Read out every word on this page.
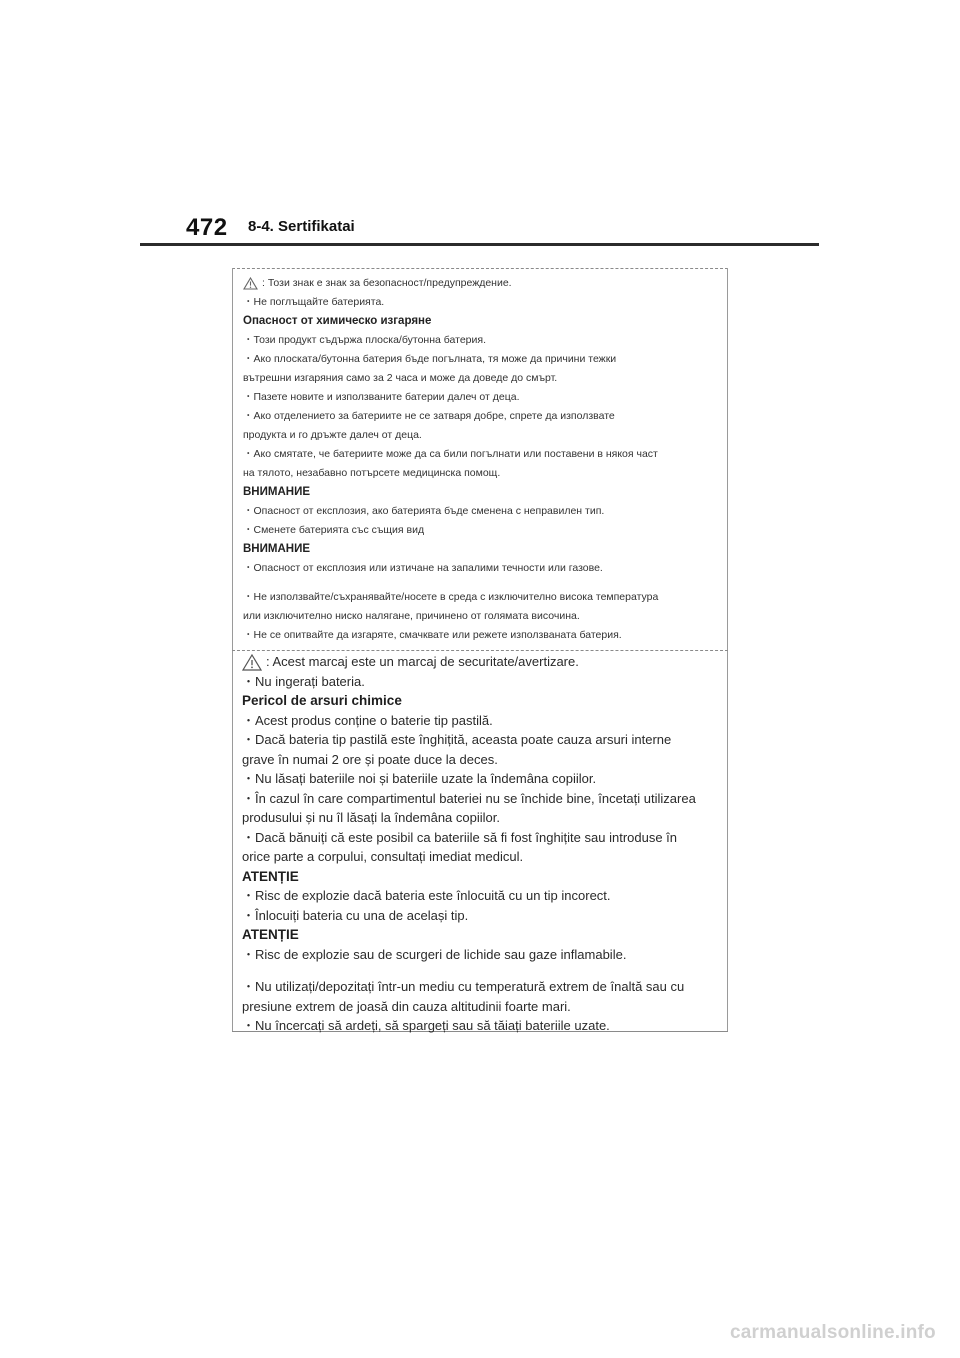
472 8-4. Sertifikatai
: Този знак е знак за безопасност/предупреждение.
・Не поглъщайте батерията.
Опасност от химическо изгаряне
・Този продукт съдържа плоска/бутонна батерия.
・Ако плоската/бутонна батерия бъде погълната, тя може да причини тежки
вътрешни изгаряния само за 2 часа и може да доведе до смърт.
・Пазете новите и използваните батерии далеч от деца.
・Ако отделението за батериите не се затваря добре, спрете да използвате
продукта и го дръжте далеч от деца.
・Ако смятате, че батериите може да са били погълнати или поставени в някоя част
на тялото, незабавно потърсете медицинска помощ.
ВНИМАНИЕ
・Опасност от експлозия, ако батерията бъде сменена с неправилен тип.
・Сменете батерията със същия вид
ВНИМАНИЕ
・Опасност от експлозия или изтичане на запалими течности или газове.
・Не използвайте/съхранявайте/носете в среда с изключително висока температура
или изключително ниско налягане, причинено от голямата височина.
・Не се опитвайте да изгаряте, смачквате или режете използваната батерия.
: Acest marcaj este un marcaj de securitate/avertizare.
・Nu ingerați bateria.
Pericol de arsuri chimice
・Acest produs conține o baterie tip pastilă.
・Dacă bateria tip pastilă este înghițită, aceasta poate cauza arsuri interne
grave în numai 2 ore și poate duce la deces.
・Nu lăsați bateriile noi și bateriile uzate la îndemâna copiilor.
・În cazul în care compartimentul bateriei nu se închide bine, încetați utilizarea
produsului și nu îl lăsați la îndemâna copiilor.
・Dacă bănuiți că este posibil ca bateriile să fi fost înghițite sau introduse în
orice parte a corpului, consultați imediat medicul.
ATENȚIE
・Risc de explozie dacă bateria este înlocuită cu un tip incorect.
・Înlocuiți bateria cu una de același tip.
ATENȚIE
・Risc de explozie sau de scurgeri de lichide sau gaze inflamabile.
・Nu utilizați/depozitați într-un mediu cu temperatură extrem de înaltă sau cu
presiune extrem de joasă din cauza altitudinii foarte mari.
・Nu încercați să ardeți, să spargeți sau să tăiați bateriile uzate.
carmanualsonline.info
